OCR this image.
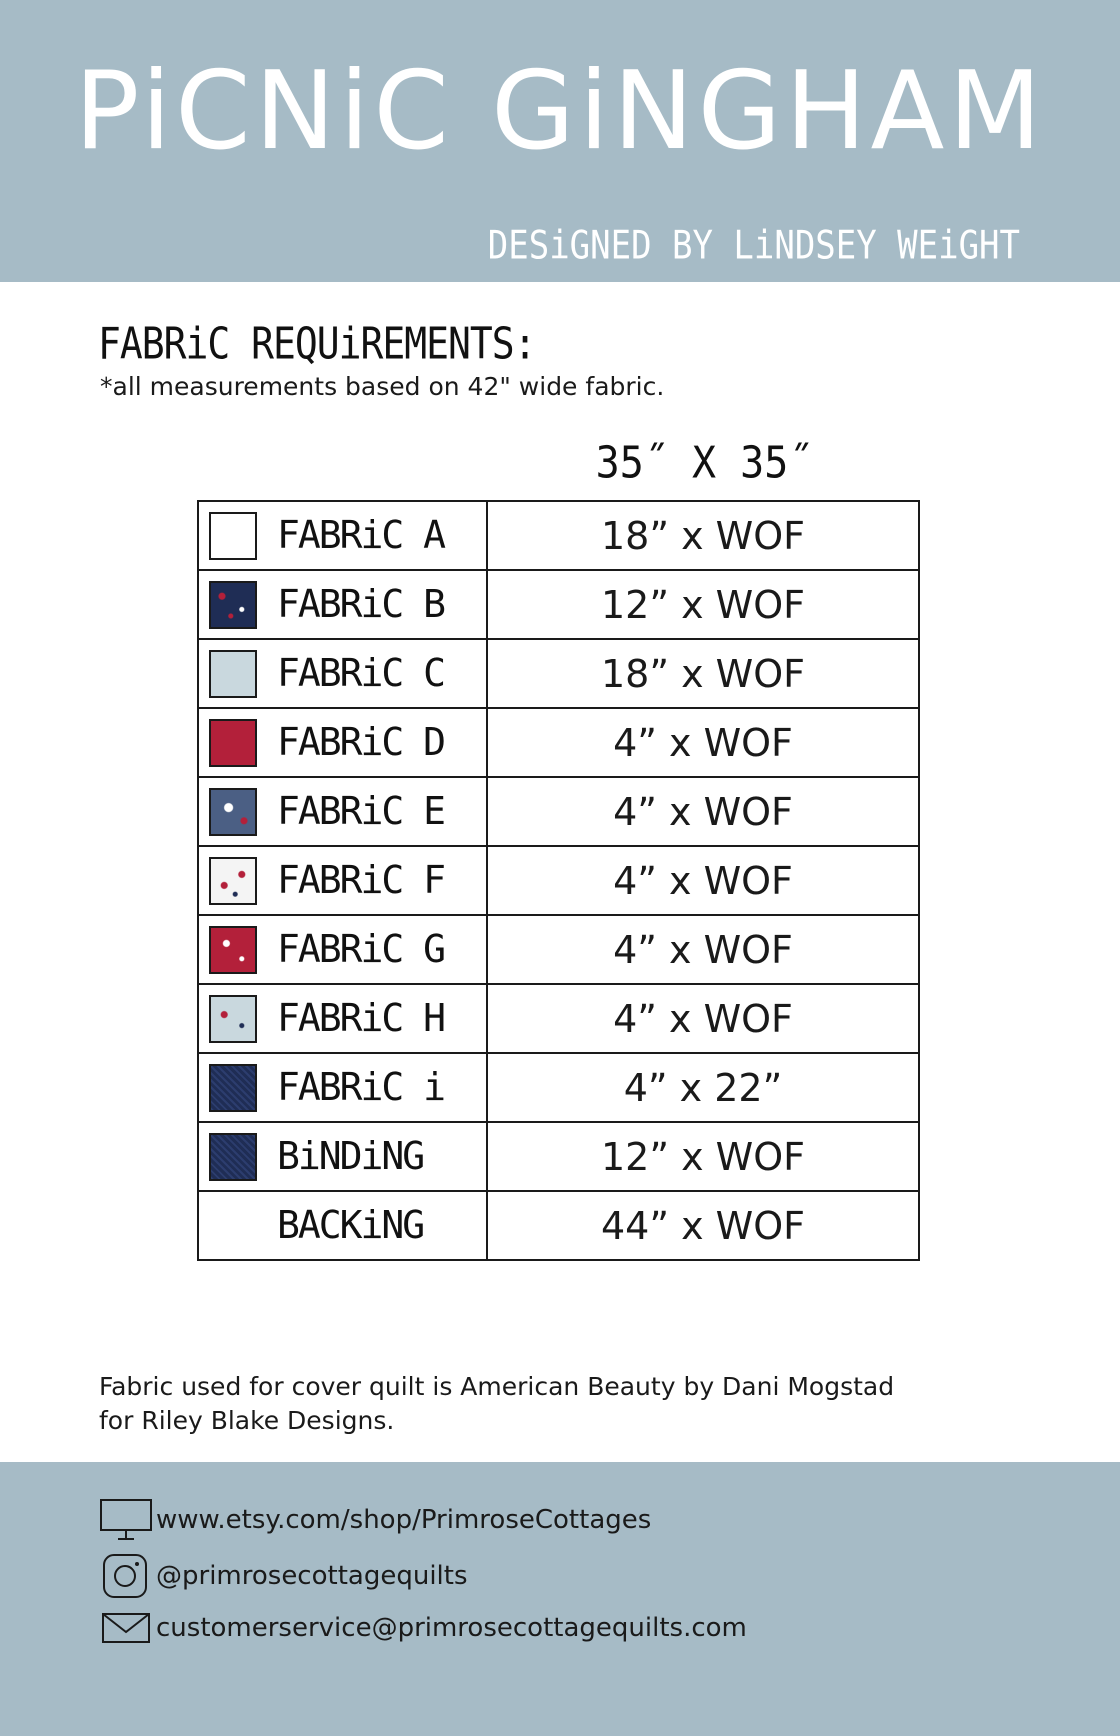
PiCNiC GiNGHAM
DESiGNED BY LiNDSEY WEiGHT
FABRiC REQUiREMENTS:
*all measurements based on 42" wide fabric.
35˝ X 35˝
FABRiC A	18” x WOF

FABRiC B	12” x WOF

FABRiC C	18” x WOF

FABRiC D	4” x WOF

FABRiC E	4” x WOF

FABRiC F	4” x WOF

FABRiC G	4” x WOF

FABRiC H	4” x WOF

FABRiC i	4” x 22”

BiNDiNG	12” x WOF

BACKiNG	44” x WOF
Fabric used for cover quilt is American Beauty by Dani Mogstad for Riley Blake Designs.
www.etsy.com/shop/PrimroseCottages
@primrosecottagequilts
customerservice@primrosecottagequilts.com
